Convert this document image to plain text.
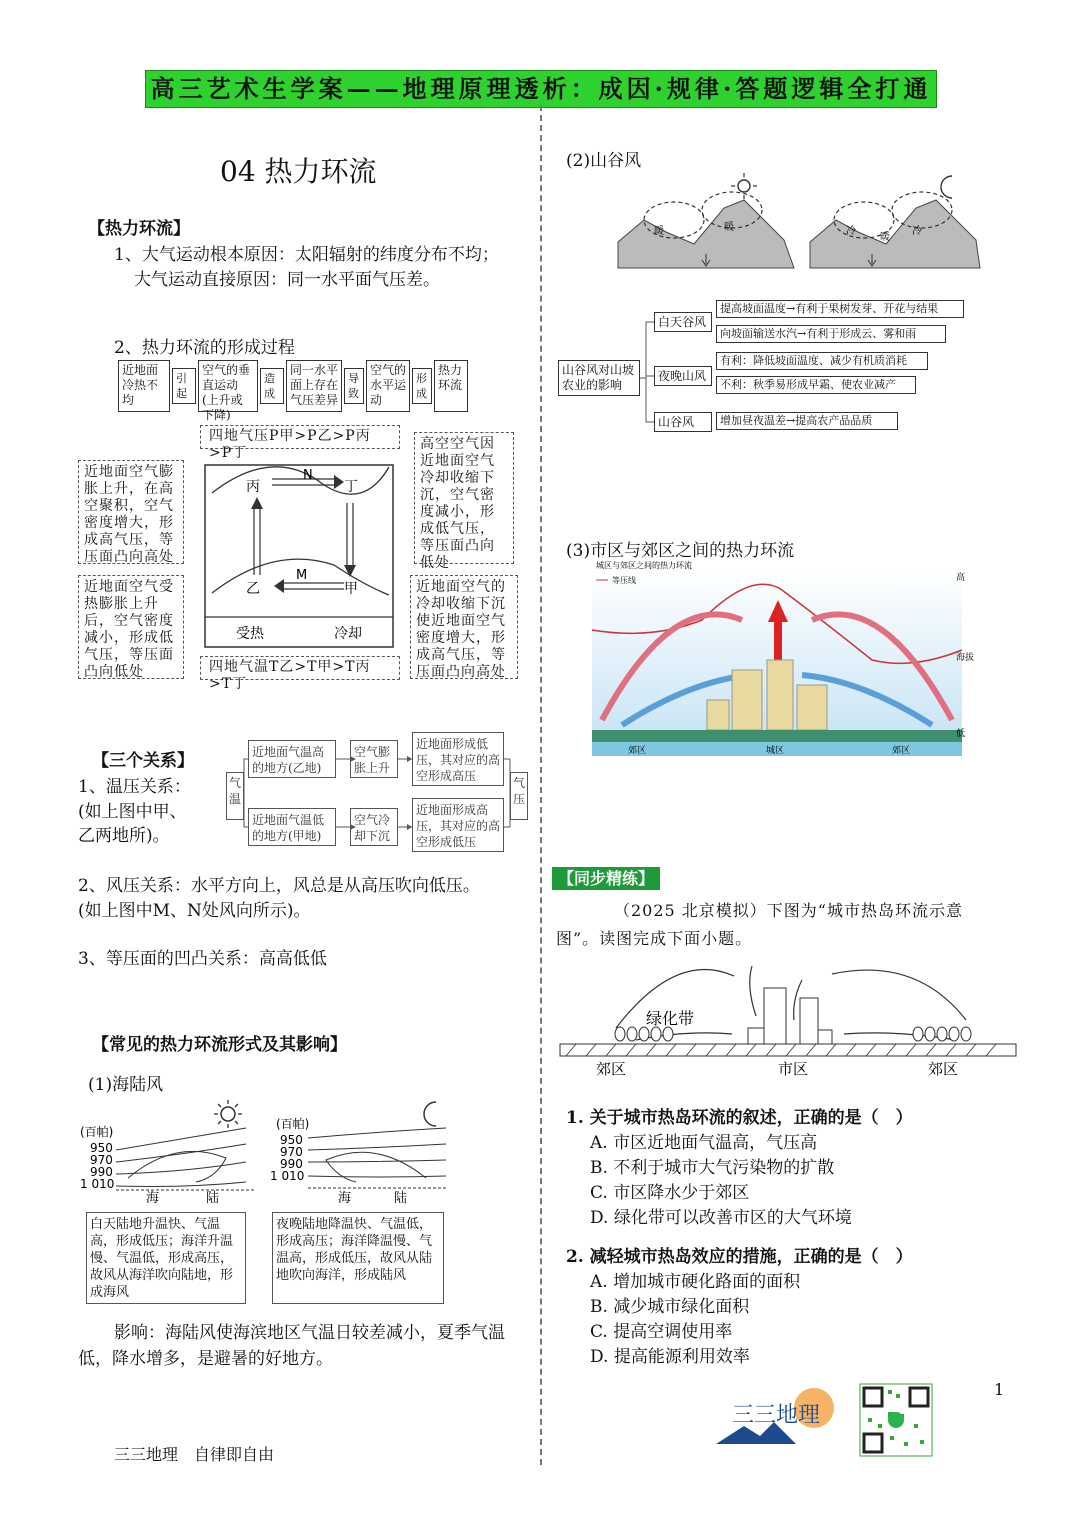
高三艺术生学案——地理原理透析：成因·规律·答题逻辑全打通
04 热力环流
【热力环流】
1、大气运动根本原因：太阳辐射的纬度分布不均；
大气运动直接原因：同一水平面气压差。
2、热力环流的形成过程
近地面冷热不均
引起
空气的垂直运动(上升或下降)
造成
同一水平面上存在气压差异
导致
空气的水平运动
形成
热力环流
四地气压P甲>P乙>P丙>P丁
近地面空气膨胀上升，在高空聚积，空气密度增大，形成高气压，等压面凸向高处
近地面空气受热膨胀上升后，空气密度减小，形成低气压，等压面凸向低处
高空空气因近地面空气冷却收缩下沉，空气密度减小，形成低气压，等压面凸向低处
近地面空气的冷却收缩下沉使近地面空气密度增大，形成高气压，等压面凸向高处
四地气温T乙>T甲>T丙>T丁
丙	丁
乙	甲
N
M
受热	冷却
【三个关系】
1、温压关系：
(如上图中甲、
乙两地所)。
气温
近地面气温高的地方(乙地)
空气膨胀上升
近地面形成低压，其对应的高空形成高压
近地面气温低的地方(甲地)
空气冷却下沉
近地面形成高压，其对应的高空形成低压
气压
2、风压关系：水平方向上，风总是从高压吹向低压。
(如上图中M、N处风向所示)。
3、等压面的凹凸关系：高高低低
【常见的热力环流形式及其影响】
(1)海陆风
(百帕)
950
970
990
1 010
海	陆
(百帕)
950
970
990
1 010
海	陆
白天陆地升温快、气温高，形成低压；海洋升温慢、气温低，形成高压，故风从海洋吹向陆地，形成海风
夜晚陆地降温快、气温低，形成高压；海洋降温慢、气温高，形成低压，故风从陆地吹向海洋，形成陆风
影响：海陆风使海滨地区气温日较差减小，夏季气温低，降水增多，是避暑的好地方。
三三地理　自律即自由
(2)山谷风
暖	暖	冷
暖
冷
山谷风对山坡农业的影响
白天谷风
夜晚山风
山谷风
提高坡面温度→有利于果树发芽、开花与结果
向坡面输送水汽→有利于形成云、雾和雨
有利：降低坡面温度、减少有机质消耗
不利：秋季易形成早霜、使农业减产
增加昼夜温差→提高农产品品质
(3)市区与郊区之间的热力环流
城区与郊区之间的热力环流
等压线	高
海拔
低
郊区	城区	郊区
【同步精练】
（2025 北京模拟）下图为“城市热岛环流示意
图”。读图完成下面小题。
绿化带
郊区	市区	郊区
1. 关于城市热岛环流的叙述，正确的是（　）
A. 市区近地面气温高，气压高
B. 不利于城市大气污染物的扩散
C. 市区降水少于郊区
D. 绿化带可以改善市区的大气环境
2. 减轻城市热岛效应的措施，正确的是（　）
A. 增加城市硬化路面的面积
B. 减少城市绿化面积
C. 提高空调使用率
D. 提高能源利用效率
1
三三地理
